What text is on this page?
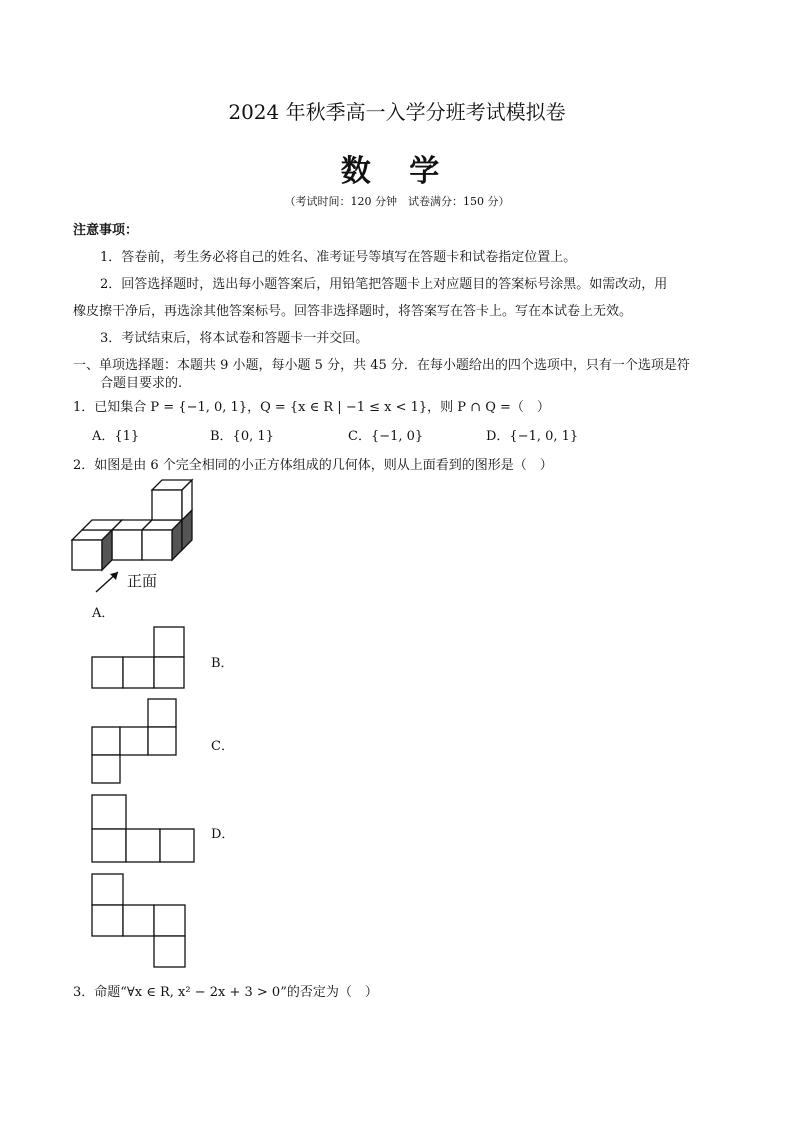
2024 年秋季高一入学分班考试模拟卷
数 学
（考试时间：120 分钟　试卷满分：150 分）
注意事项：
1．答卷前，考生务必将自己的姓名、准考证号等填写在答题卡和试卷指定位置上。
2．回答选择题时，选出每小题答案后，用铅笔把答题卡上对应题目的答案标号涂黑。如需改动，用
橡皮擦干净后，再选涂其他答案标号。回答非选择题时，将答案写在答卡上。写在本试卷上无效。
3．考试结束后，将本试卷和答题卡一并交回。
一、单项选择题：本题共 9 小题，每小题 5 分，共 45 分．在每小题给出的四个选项中，只有一个选项是符
合题目要求的.
1．已知集合 P = {−1, 0, 1}，Q = {x ∈ R | −1 ≤ x < 1}，则 P ∩ Q =（　）
A．{1}	B．{0, 1}	C．{−1, 0}	D．{−1, 0, 1}
2．如图是由 6 个完全相同的小正方体组成的几何体，则从上面看到的图形是（　）
正面
A．
B．
C．
D．
3．命题“∀x ∈ R, x² − 2x + 3 > 0”的否定为（　）
